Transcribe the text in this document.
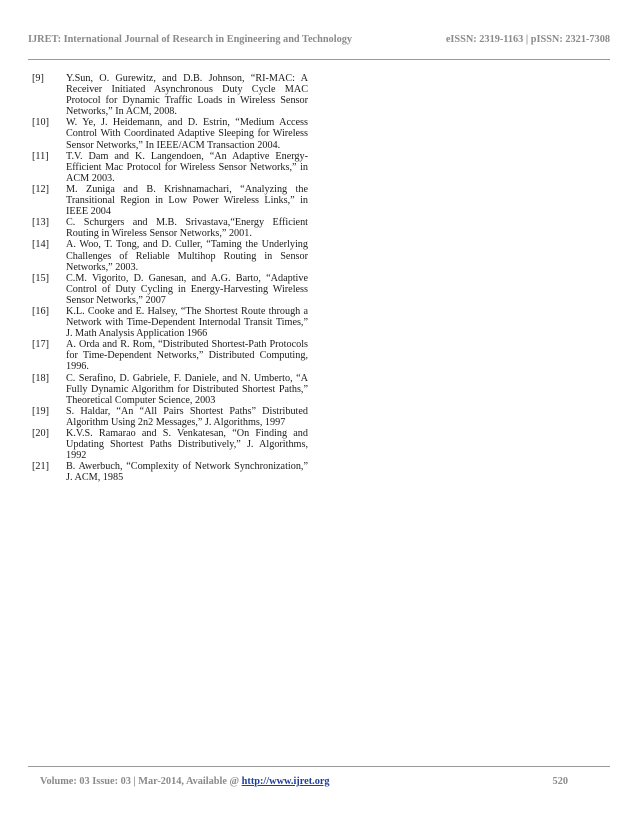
IJRET: International Journal of Research in Engineering and Technology	eISSN: 2319-1163 | pISSN: 2321-7308
[9]	Y.Sun, O. Gurewitz, and D.B. Johnson, “RI-MAC: A Receiver Initiated Asynchronous Duty Cycle MAC Protocol for Dynamic Traffic Loads in Wireless Sensor Networks,” In ACM, 2008.
[10]	W. Ye, J. Heidemann, and D. Estrin, “Medium Access Control With Coordinated Adaptive Sleeping for Wireless Sensor Networks,” In IEEE/ACM Transaction 2004.
[11]	T.V. Dam and K. Langendoen, “An Adaptive Energy-Efficient Mac Protocol for Wireless Sensor Networks,” in ACM 2003.
[12]	M. Zuniga and B. Krishnamachari, “Analyzing the Transitional Region in Low Power Wireless Links,” in IEEE 2004
[13]	C. Schurgers and M.B. Srivastava,“Energy Efficient Routing in Wireless Sensor Networks,” 2001.
[14]	A. Woo, T. Tong, and D. Culler, “Taming the Underlying Challenges of Reliable Multihop Routing in Sensor Networks,” 2003.
[15]	C.M. Vigorito, D. Ganesan, and A.G. Barto, “Adaptive Control of Duty Cycling in Energy-Harvesting Wireless Sensor Networks,” 2007
[16]	K.L. Cooke and E. Halsey, “The Shortest Route through a Network with Time-Dependent Internodal Transit Times,” J. Math Analysis Application 1966
[17]	A. Orda and R. Rom, “Distributed Shortest-Path Protocols for Time-Dependent Networks,” Distributed Computing, 1996.
[18]	C. Serafino, D. Gabriele, F. Daniele, and N. Umberto, “A Fully Dynamic Algorithm for Distributed Shortest Paths,” Theoretical Computer Science, 2003
[19]	S. Haldar, “An “All Pairs Shortest Paths” Distributed Algorithm Using 2n2 Messages,” J. Algorithms, 1997
[20]	K.V.S. Ramarao and S. Venkatesan, “On Finding and Updating Shortest Paths Distributively,” J. Algorithms, 1992
[21]	B. Awerbuch, “Complexity of Network Synchronization,” J. ACM, 1985
Volume: 03 Issue: 03 | Mar-2014, Available @ http://www.ijret.org	520
